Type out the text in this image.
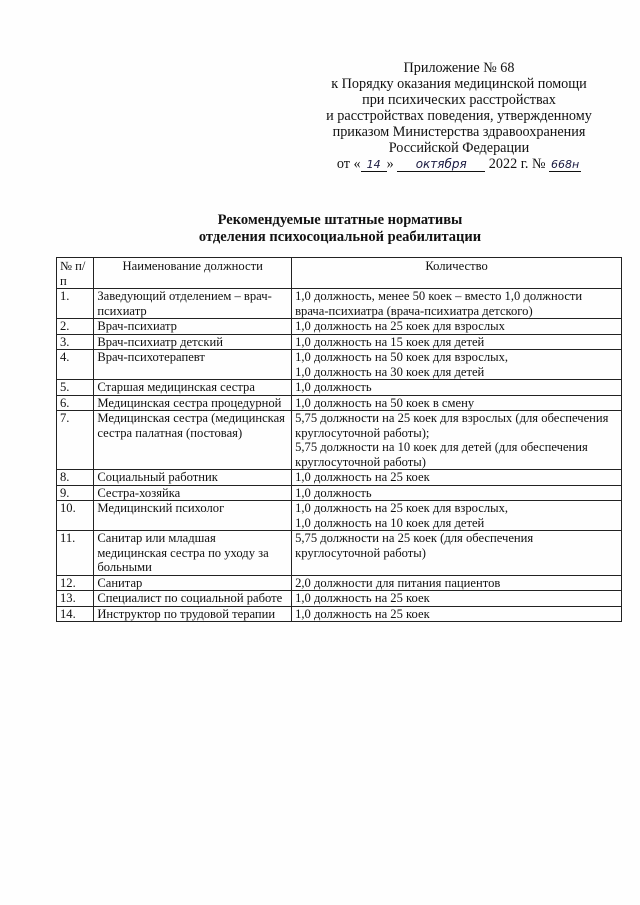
Приложение № 68
к Порядку оказания медицинской помощи
при психических расстройствах
и расстройствах поведения, утвержденному
приказом Министерства здравоохранения
Российской Федерации
от « 14 » октября 2022 г. № 668н
Рекомендуемые штатные нормативы
отделения психосоциальной реабилитации
№ п/п	Наименование должности	Количество
1.	Заведующий отделением – врач-психиатр	1,0 должность, менее 50 коек – вместо 1,0 должности врача-психиатра (врача-психиатра детского)

2.	Врач-психиатр	1,0 должность на 25 коек для взрослых

3.	Врач-психиатр детский	1,0 должность на 15 коек для детей

4.	Врач-психотерапевт	1,0 должность на 50 коек для взрослых,
1,0 должность на 30 коек для детей

5.	Старшая медицинская сестра	1,0 должность

6.	Медицинская сестра процедурной	1,0 должность на 50 коек в смену

7.	Медицинская сестра (медицинская сестра палатная (постовая)	5,75 должности на 25 коек для взрослых (для обеспечения круглосуточной работы);
5,75 должности на 10 коек для детей (для обеспечения круглосуточной работы)

8.	Социальный работник	1,0 должность на 25 коек

9.	Сестра-хозяйка	1,0 должность

10.	Медицинский психолог	1,0 должность на 25 коек для взрослых,
1,0 должность на 10 коек для детей

11.	Санитар или младшая медицинская сестра по уходу за больными	5,75 должности на 25 коек (для обеспечения круглосуточной работы)

12.	Санитар	2,0 должности для питания пациентов

13.	Специалист по социальной работе	1,0 должность на 25 коек

14.	Инструктор по трудовой терапии	1,0 должность на 25 коек
